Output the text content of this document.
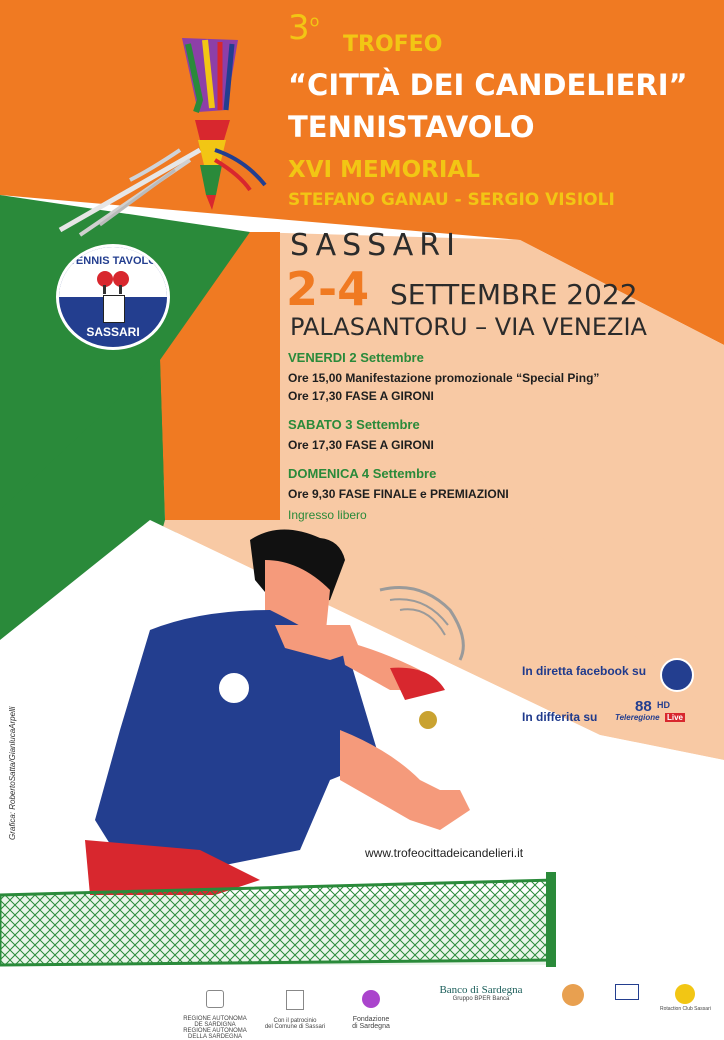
3$^o$
TROFEO
“CITTÀ DEI CANDELIERI”
TENNISTAVOLO
XVI MEMORIAL
STEFANO GANAU - SERGIO VISIOLI
SASSARI
2-4 SETTEMBRE 2022
PALASANTORU – VIA VENEZIA
VENERDI 2 Settembre
Ore 15,00 Manifestazione promozionale “Special Ping”
Ore 17,30 FASE A GIRONI
SABATO 3 Settembre
Ore 17,30 FASE A GIRONI
DOMENICA 4 Settembre
Ore 9,30 FASE FINALE e PREMIAZIONI
Ingresso libero
TENNIS TAVOLO
SASSARI
In diretta facebook su
In differita su
88 HD
Teleregione Live
www.trofeocittadeicandelieri.it
Grafica: RobertoSatta/GianlucaArpelli

REGIONE AUTONOMA DE SARDIGNA
REGIONE AUTONOMA DELLA SARDEGNA

Con il patrocinio
del Comune di Sassari

Fondazione
di Sardegna

Banco di Sardegna
Gruppo BPER Banca
Rotaction Club Sassari
